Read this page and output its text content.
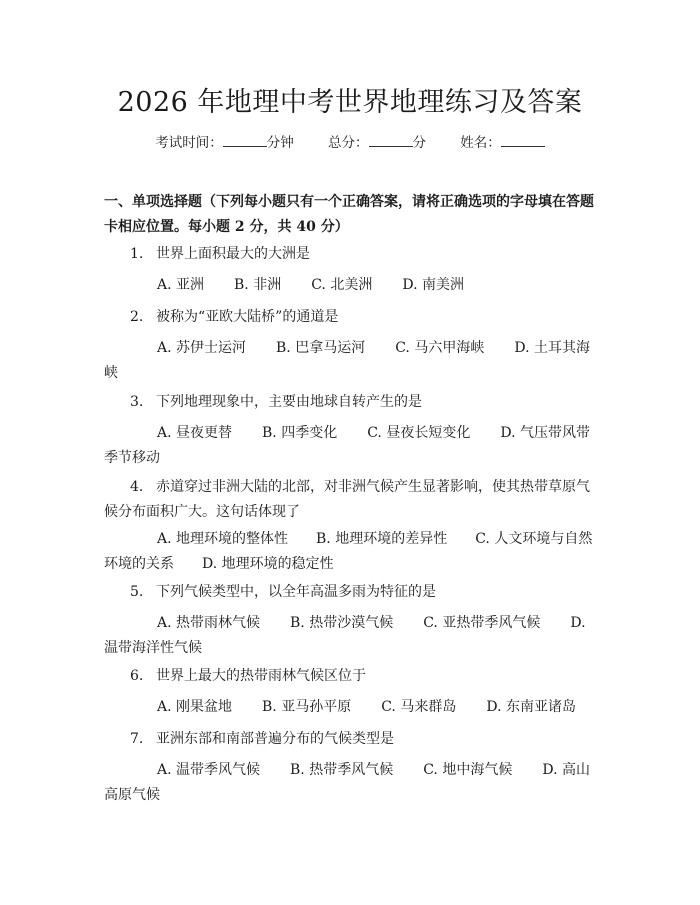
2026 年地理中考世界地理练习及答案
考试时间：	分钟	总分：	分	姓名：
一、单项选择题（下列每小题只有一个正确答案，请将正确选项的字母填在答题卡相应位置。每小题 2 分，共 40 分）
1. 世界上面积最大的大洲是
A. 亚洲 B. 非洲 C. 北美洲 D. 南美洲
2. 被称为“亚欧大陆桥”的通道是
A. 苏伊士运河 B. 巴拿马运河 C. 马六甲海峡 D. 土耳其海峡
3. 下列地理现象中，主要由地球自转产生的是
A. 昼夜更替 B. 四季变化 C. 昼夜长短变化 D. 气压带风带季节移动
4. 赤道穿过非洲大陆的北部，对非洲气候产生显著影响，使其热带草原气候分布面积广大。这句话体现了
A. 地理环境的整体性 B. 地理环境的差异性 C. 人文环境与自然环境的关系 D. 地理环境的稳定性
5. 下列气候类型中，以全年高温多雨为特征的是
A. 热带雨林气候 B. 热带沙漠气候 C. 亚热带季风气候 D. 温带海洋性气候
6. 世界上最大的热带雨林气候区位于
A. 刚果盆地 B. 亚马孙平原 C. 马来群岛 D. 东南亚诸岛
7. 亚洲东部和南部普遍分布的气候类型是
A. 温带季风气候 B. 热带季风气候 C. 地中海气候 D. 高山高原气候
